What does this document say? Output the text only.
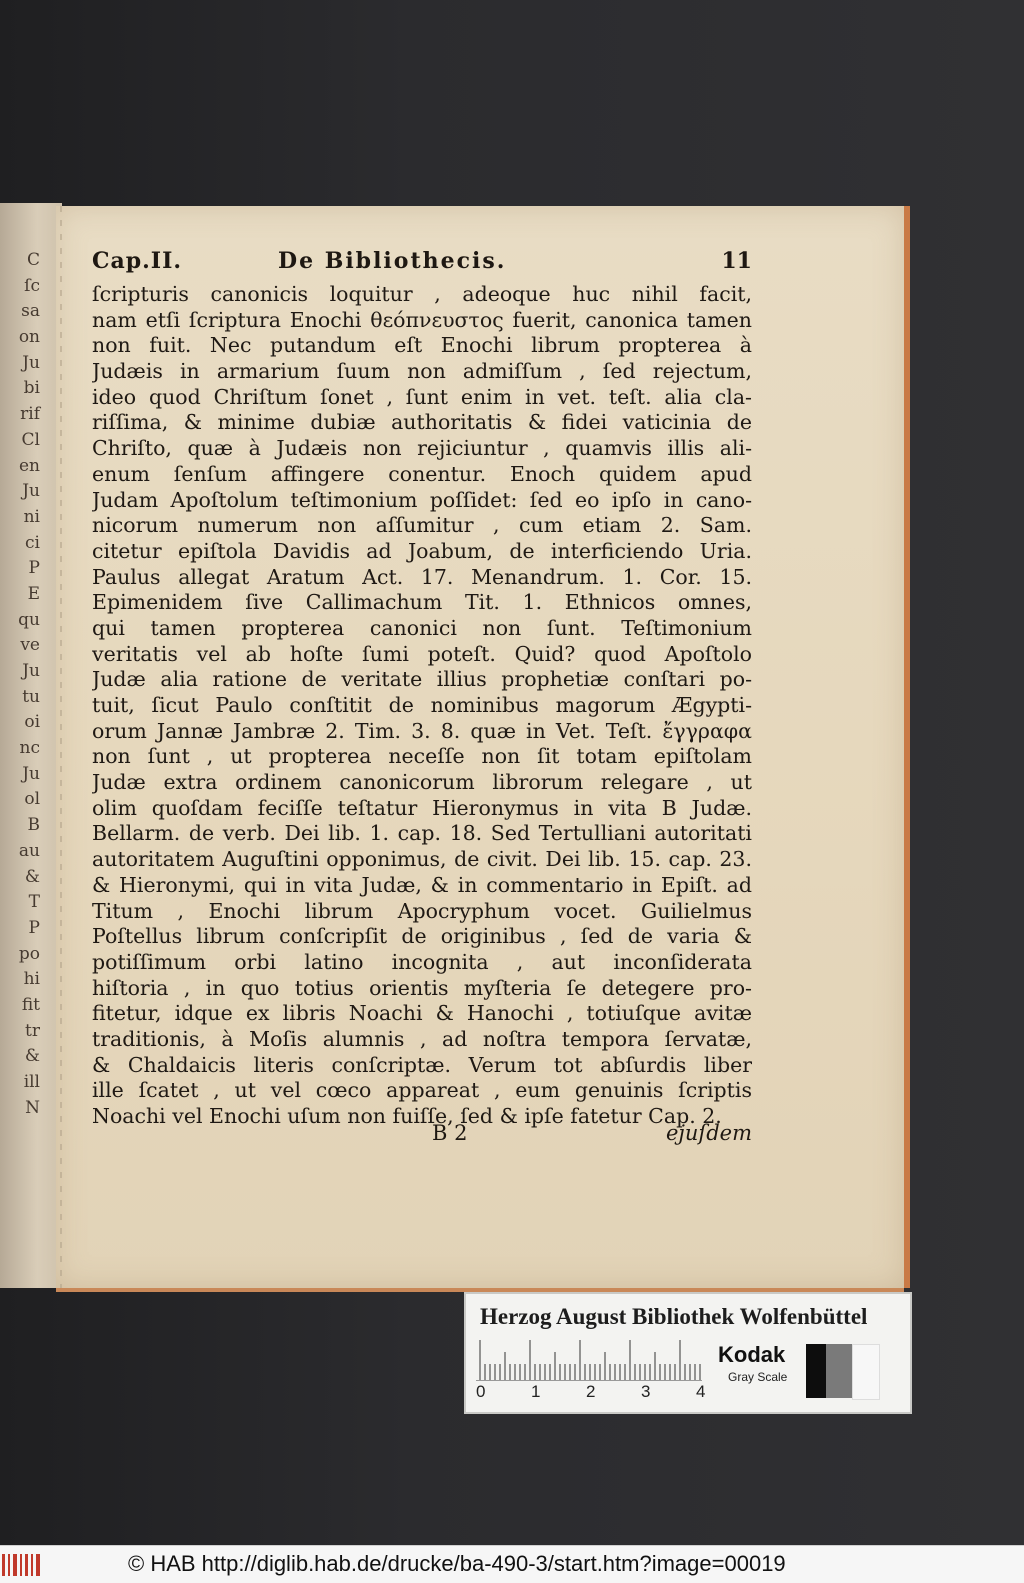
C
ſc
sa
on
Ju
bi
rif
Cl
en
Ju
ni
ci
P
E
qu
ve
Ju
tu
oi
nc
Ju
ol
B
au
&
T
P
po
hi
fit
tr
&
ill
N
Cap.II.	De Bibliothecis.	11
ſcripturis canonicis loquitur , adeoque huc nihil facit,
nam etſi ſcriptura Enochi θεόπνευστος fuerit, canonica tamen
non fuit. Nec putandum eſt Enochi librum propterea à
Judæis in armarium ſuum non admiſſum , ſed rejectum,
ideo quod Chriſtum ſonet , ſunt enim in vet. teſt. alia cla-
riſſima, & minime dubiæ authoritatis & fidei vaticinia de
Chriſto, quæ à Judæis non rejiciuntur , quamvis illis ali-
enum ſenſum affingere conentur. Enoch quidem apud
Judam Apoſtolum teſtimonium poſſidet: ſed eo ipſo in cano-
nicorum numerum non aſſumitur , cum etiam 2. Sam.
citetur epiſtola Davidis ad Joabum, de interficiendo Uria.
Paulus allegat Aratum Act. 17. Menandrum. 1. Cor. 15.
Epimenidem ſive Callimachum Tit. 1. Ethnicos omnes,
qui tamen propterea canonici non ſunt. Teſtimonium
veritatis vel ab hoſte ſumi poteſt. Quid? quod Apoſtolo
Judæ alia ratione de veritate illius prophetiæ conſtari po-
tuit, ſicut Paulo conſtitit de nominibus magorum Ægypti-
orum Jannæ Jambræ 2. Tim. 3. 8. quæ in Vet. Teſt. ἔγγραφα
non ſunt , ut propterea neceſſe non ſit totam epiſtolam
Judæ extra ordinem canonicorum librorum relegare , ut
olim quoſdam feciſſe teſtatur Hieronymus in vita B Judæ.
Bellarm. de verb. Dei lib. 1. cap. 18. Sed Tertulliani autoritati
autoritatem Auguſtini opponimus, de civit. Dei lib. 15. cap. 23.
& Hieronymi, qui in vita Judæ, & in commentario in Epiſt. ad
Titum , Enochi librum Apocryphum vocet. Guilielmus
Poſtellus librum conſcripſit de originibus , ſed de varia &
potiſſimum orbi latino incognita , aut inconſiderata
hiſtoria , in quo totius orientis myſteria ſe detegere pro-
fitetur, idque ex libris Noachi & Hanochi , totiuſque avitæ
traditionis, à Moſis alumnis , ad noſtra tempora ſervatæ,
& Chaldaicis literis conſcriptæ. Verum tot abſurdis liber
ille ſcatet , ut vel cœco appareat , eum genuinis ſcriptis
Noachi vel Enochi uſum non fuiſſe, ſed & ipſe fatetur Cap. 2.
B 2	ejuſdem
Herzog August Bibliothek Wolfenbüttel
0	1	2	3	4
Kodak
Gray Scale
© HAB http://diglib.hab.de/drucke/ba-490-3/start.htm?image=00019
